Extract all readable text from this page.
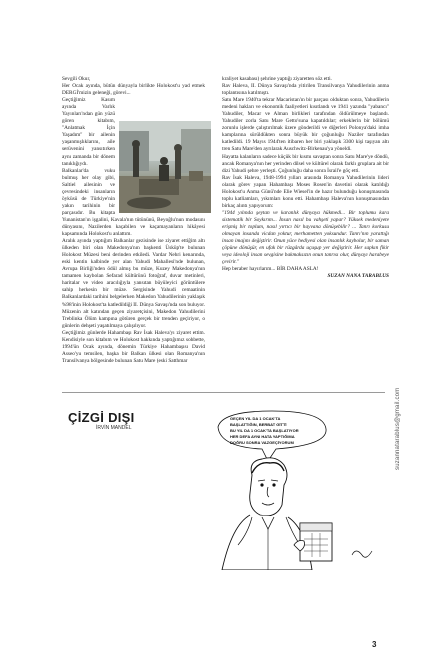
Sevgili Okur,

Her Ocak ayında, bütün dünyayla birlikte Holokost'u yad etmek DERGİ'mizin geleneği, görevi...

Geçtiğimiz Kasım ayında Varlık Yayınları'ndan gün yüzü gören kitabım, "Anlatmak İçin Yaşadım" bir ailenin yaşanmışlıklarını, aile serüvenini yansıtırken aynı zamanda bir dönem tanıklığıydı. Balkanlar'da vuku bulmuş her olay gibi, Saltiel ailesinin ve çevresindeki insanların öyküsü de Türkiye'nin yakın tarihinin bir parçasıdır. Bu kitapta Yunanistan'ın işgalini, Kavala'nın tütününü, Beyoğlu'nun modasını dünyasını, Nazilerden kaçabilen ve kaçamayanların hikâyesi kapsamında Holokost'u anlattım.

Aralık ayında yaptığım Balkanlar gezisinde ise ziyaret ettiğim altı ülkeden biri olan Makedonya'nın başkenti Üsküp'te bulunan Holokost Müzesi beni derinden etkiledi. Vardar Nehri kenarında, eski kentin kalbinde yer alan Yahudi Mahallesi'nde bulunan, Avrupa Birliği'nden ödül almış bu müze, Kuzey Makedonya'nın tamamen kaybolan Sefarad kültürünü fotoğraf, duvar metinleri, haritalar ve video aracılığıyla yansıtan büyüleyici görüntülere sahip herkesin bir müze. Sergisinde Yahudi cemaatinin Balkanlardaki tarihini belgelerken Makedon Yahudilerinin yaklaşık %98'inin Holokost'ta katledildiği II. Dünya Savaşı'nda son buluyor. Müzenin alt katından geçen ziyaretçisini, Makedon Yahudilerini Treblinka Ölüm kampına götüren gerçek bir trenden geçiriyor, o günlerin dehşeti yaşatılmaya çalışılıyor.

Geçtiğimiz günlerde Hahambaşı Rav İsak Haleva'yı ziyaret ettim. Kendisiyle son kitabım ve Holokost hakkında yaptığımız sohbette, 1994'ün Ocak ayında, dönemin Türkiye Hahambaşısı David Asseo'yu temsilen, başka bir Balkan ülkesi olan Romanya'nın Transilvanya bölgesinde bulunan Satu Mare (eski Satthmar

kraliyet kasabası) şehrine yaptığı ziyaretten söz etti.

Rav Haleva, II. Dünya Savaşı'nda yitirilen Transilvanya Yahudilerinin anma toplantısına katılmıştı.

Satu Mare 1940'ta tekrar Macaristan'ın bir parçası olduktan sonra, Yahudilerin medeni hakları ve ekonomik faaliyetleri kısıtlandı ve 1941 yazında "yabancı" Yahudiler, Macar ve Alman birlikleri tarafından öldürülmeye başlandı. Yahudiler zorla Satu Mare Getto'suna kapatıldılar; erkeklerin bir bölümü zorunlu işlerde çalıştırılmak üzere gönderildi ve diğerleri Polonya'daki imha kamplarına sürüldükten sonra büyük bir çoğunluğu Naziler tarafından katledildi. 19 Mayıs 1944'ten itibaren her biri yaklaşık 3300 kişi taşıyan altı tren Satu Mare'den ayrılarak Auschwitz-Birkenau'ya yöneldi.

Hayatta kalanların sadece küçük bir kısmı savaştan sonra Satu Mare'ye döndü, ancak Romanya'nın her yerinden dilsel ve kültürel olarak farklı gruplara ait bir dizi Yahudi şehre yerleşti. Çoğunluğu daha sonra İsrail'e göç etti.

Rav İsak Haleva, 1948-1994 yılları arasında Romanya Yahudilerinin lideri olarak görev yapan Hahambaşı Moses Rosen'in davetini olarak katıldığı Holokost'u Anma Günü'nde Elie Wiesel'in de hazır bulunduğu konuşmasında toplu katliamları, yıkımları konu etti. Hahambaşı Haleva'nın konuşmasından birkaç alıntı yapıyorum:

"1944 yılında şeytan ve karanlık dünyaya hükmedi... Bir toplumu kara sistematik bir Soykırım... İnsan nasıl bu vahşeti yapar? Yüksek medeniyete erişmiş bir toplum, nasıl yırtıcı bir hayvana dönüşebilir? ... Tanrı korkusu olmayan insanda vicdan yoktur, merhametten yoksundur. Tanrı'nın yarattığı insan imajını değiştirir. Onun yüce hediyesi olan insanlık kaybolur, bir saman çöpüne dönüşür, en ufak bir rüzgârda uçuşup yer değiştirir. Her sapkın fikir veya ideoloji insan sevgisine bakmaksızın onun tanrısı olur, dünyayı harabeye çevirir."

Hep beraber hayırlarım... BİR DAHA ASLA!

SUZAN NANA TARABLUS

GEÇEN YIL DA 1 OCAK'TA
BAŞLATTIĞIN, BERBAT GİTTİ
BU YIL DA 1 OCAK'TA BAŞLATIYOR
HER DEFA AYNI HATA YAPTIĞIMA
DOĞRU SONRA VAZGEÇİYORUM
ÇİZGİ DIŞI
İRVİN MANDEL	suzannatarablus@gmail.com
3
